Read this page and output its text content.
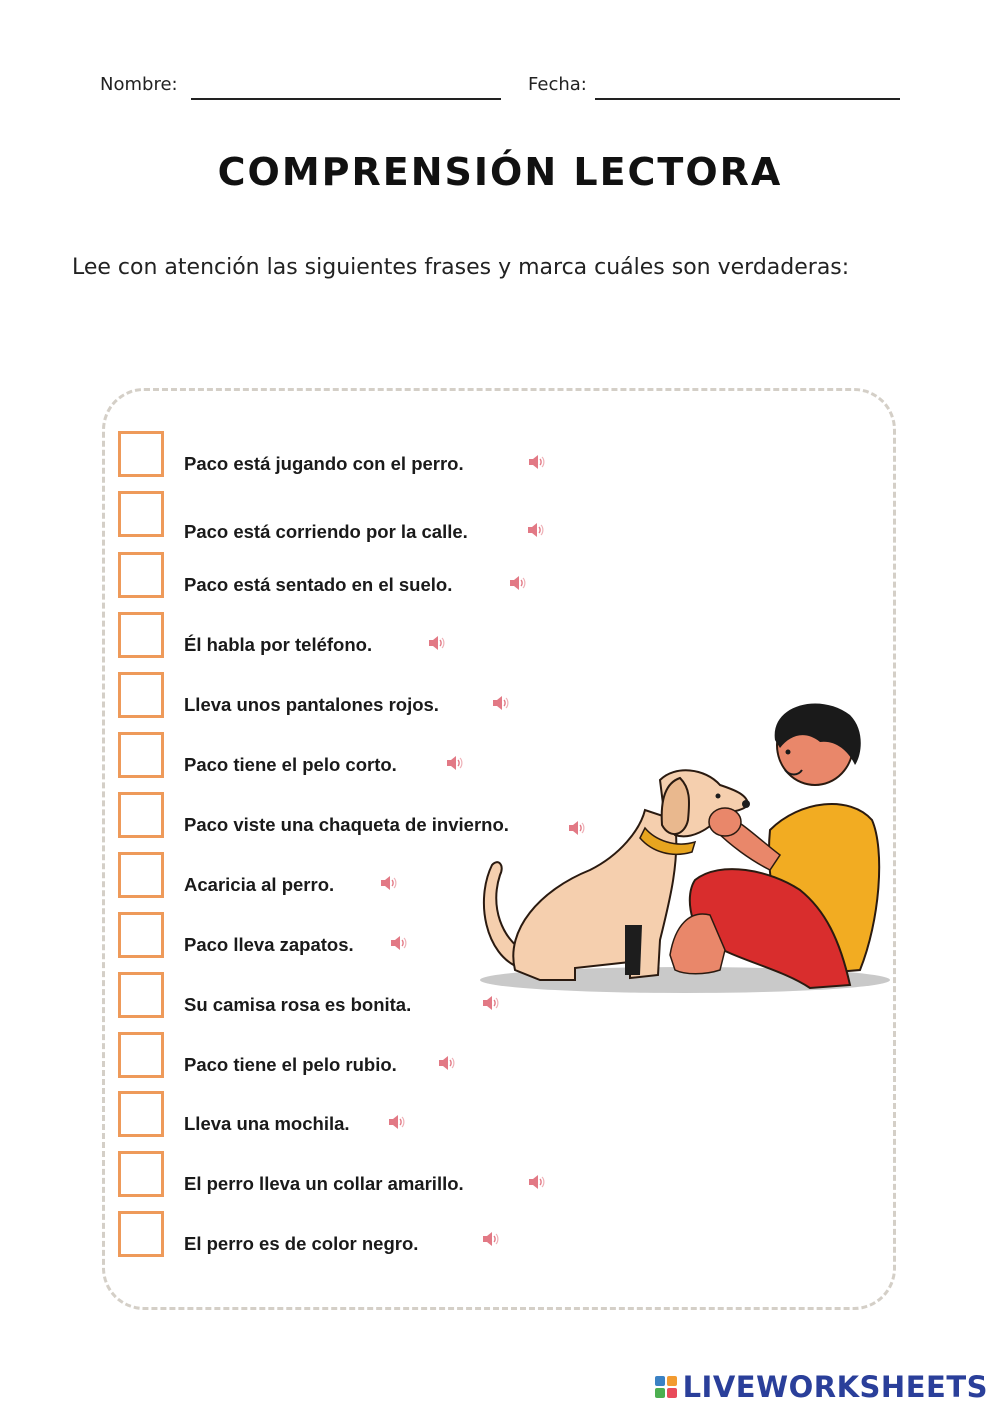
Nombre:	Fecha:
COMPRENSIÓN LECTORA
Lee con atención las siguientes frases y marca cuáles son verdaderas:
Paco está jugando con el perro.
Paco está corriendo por la calle.
Paco está sentado en el suelo.
Él habla por teléfono.
Lleva unos pantalones rojos.
Paco tiene el pelo corto.
Paco viste una chaqueta de invierno.
Acaricia al perro.
Paco lleva zapatos.
Su camisa rosa es bonita.
Paco tiene el pelo rubio.
Lleva una mochila.
El perro lleva un collar amarillo.
El perro es de color negro.
LIVEWORKSHEETS
